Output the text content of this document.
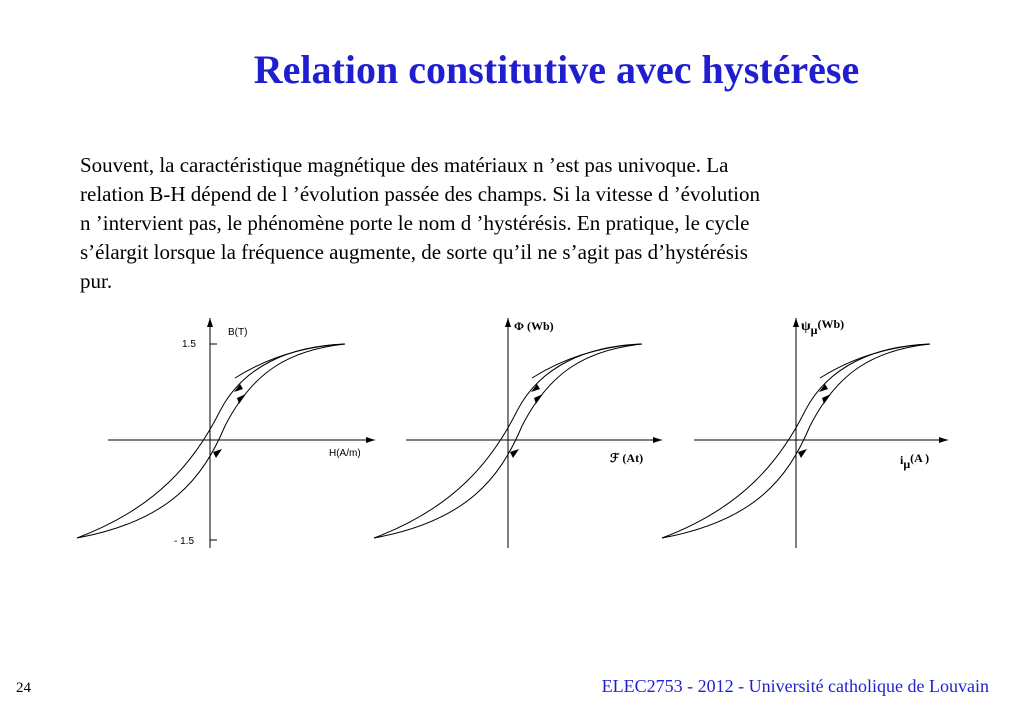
Relation constitutive avec hystérèse
Souvent, la caractéristique magnétique des matériaux n ’est pas univoque. La
relation B-H dépend de l ’évolution passée des champs. Si la vitesse d ’évolution
n ’intervient pas, le phénomène porte le nom d ’hystérésis. En pratique, le cycle
s’élargit lorsque la fréquence augmente, de sorte qu’il ne s’agit pas d’hystérésis
pur.
B(T)
H(A/m)
1.5
- 1.5
Φ (Wb)
ℱ (At)
ψμ(Wb)
iμ(A )

24	ELEC2753 - 2012 - Université catholique de Louvain
